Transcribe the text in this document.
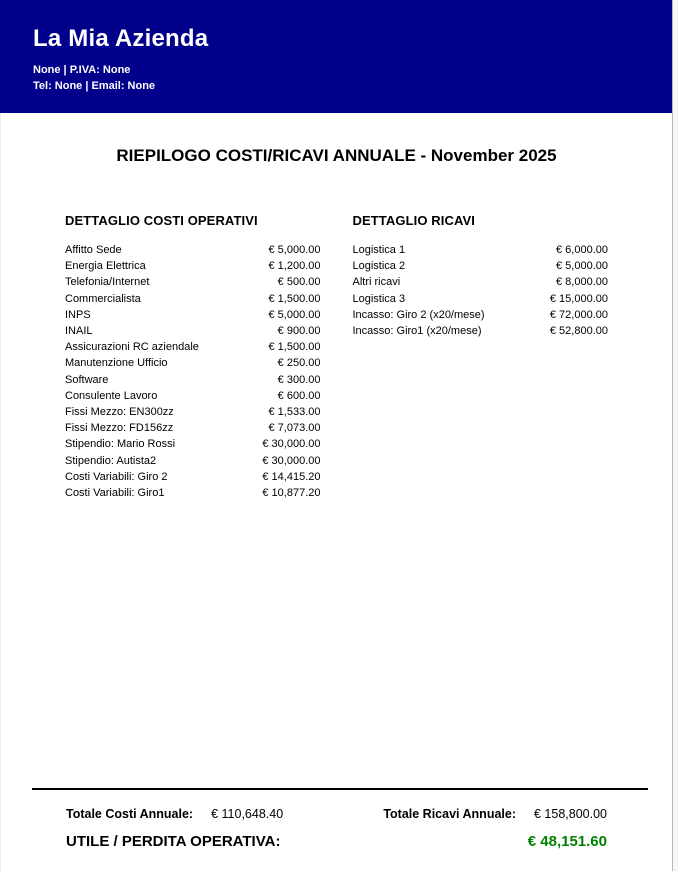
La Mia Azienda
None | P.IVA: None
Tel: None | Email: None
RIEPILOGO COSTI/RICAVI ANNUALE - November 2025
DETTAGLIO COSTI OPERATIVI
Affitto Sede	€ 5,000.00
Energia Elettrica	€ 1,200.00
Telefonia/Internet	€ 500.00
Commercialista	€ 1,500.00
INPS	€ 5,000.00
INAIL	€ 900.00
Assicurazioni RC aziendale	€ 1,500.00
Manutenzione Ufficio	€ 250.00
Software	€ 300.00
Consulente Lavoro	€ 600.00
Fissi Mezzo: EN300zz	€ 1,533.00
Fissi Mezzo: FD156zz	€ 7,073.00
Stipendio: Mario Rossi	€ 30,000.00
Stipendio: Autista2	€ 30,000.00
Costi Variabili: Giro 2	€ 14,415.20
Costi Variabili: Giro1	€ 10,877.20
DETTAGLIO RICAVI
Logistica 1	€ 6,000.00
Logistica 2	€ 5,000.00
Altri ricavi	€ 8,000.00
Logistica 3	€ 15,000.00
Incasso: Giro 2 (x20/mese)	€ 72,000.00
Incasso: Giro1 (x20/mese)	€ 52,800.00
Totale Costi Annuale: € 110,648.40	Totale Ricavi Annuale: € 158,800.00
UTILE / PERDITA OPERATIVA:	€ 48,151.60
